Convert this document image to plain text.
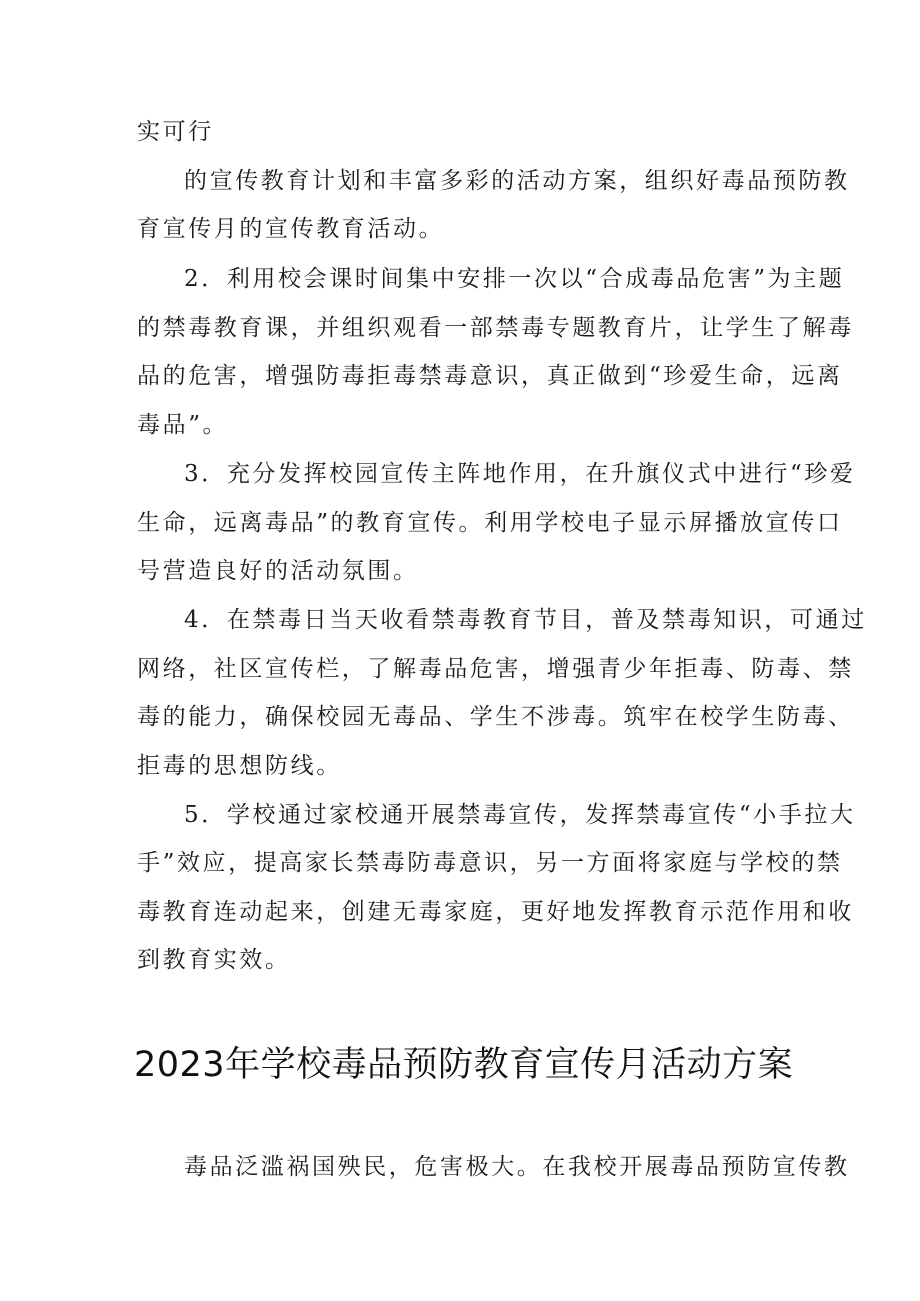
实可行
的宣传教育计划和丰富多彩的活动方案，组织好毒品预防教
育宣传月的宣传教育活动。
2．利用校会课时间集中安排一次以“合成毒品危害”为主题
的禁毒教育课，并组织观看一部禁毒专题教育片，让学生了解毒
品的危害，增强防毒拒毒禁毒意识，真正做到“珍爱生命，远离
毒品”。
3．充分发挥校园宣传主阵地作用，在升旗仪式中进行“珍爱
生命，远离毒品”的教育宣传。利用学校电子显示屏播放宣传口
号营造良好的活动氛围。
4．在禁毒日当天收看禁毒教育节目，普及禁毒知识，可通过
网络，社区宣传栏，了解毒品危害，增强青少年拒毒、防毒、禁
毒的能力，确保校园无毒品、学生不涉毒。筑牢在校学生防毒、
拒毒的思想防线。
5．学校通过家校通开展禁毒宣传，发挥禁毒宣传“小手拉大
手”效应，提高家长禁毒防毒意识，另一方面将家庭与学校的禁
毒教育连动起来，创建无毒家庭，更好地发挥教育示范作用和收
到教育实效。
2023年学校毒品预防教育宣传月活动方案
毒品泛滥祸国殃民，危害极大。在我校开展毒品预防宣传教
